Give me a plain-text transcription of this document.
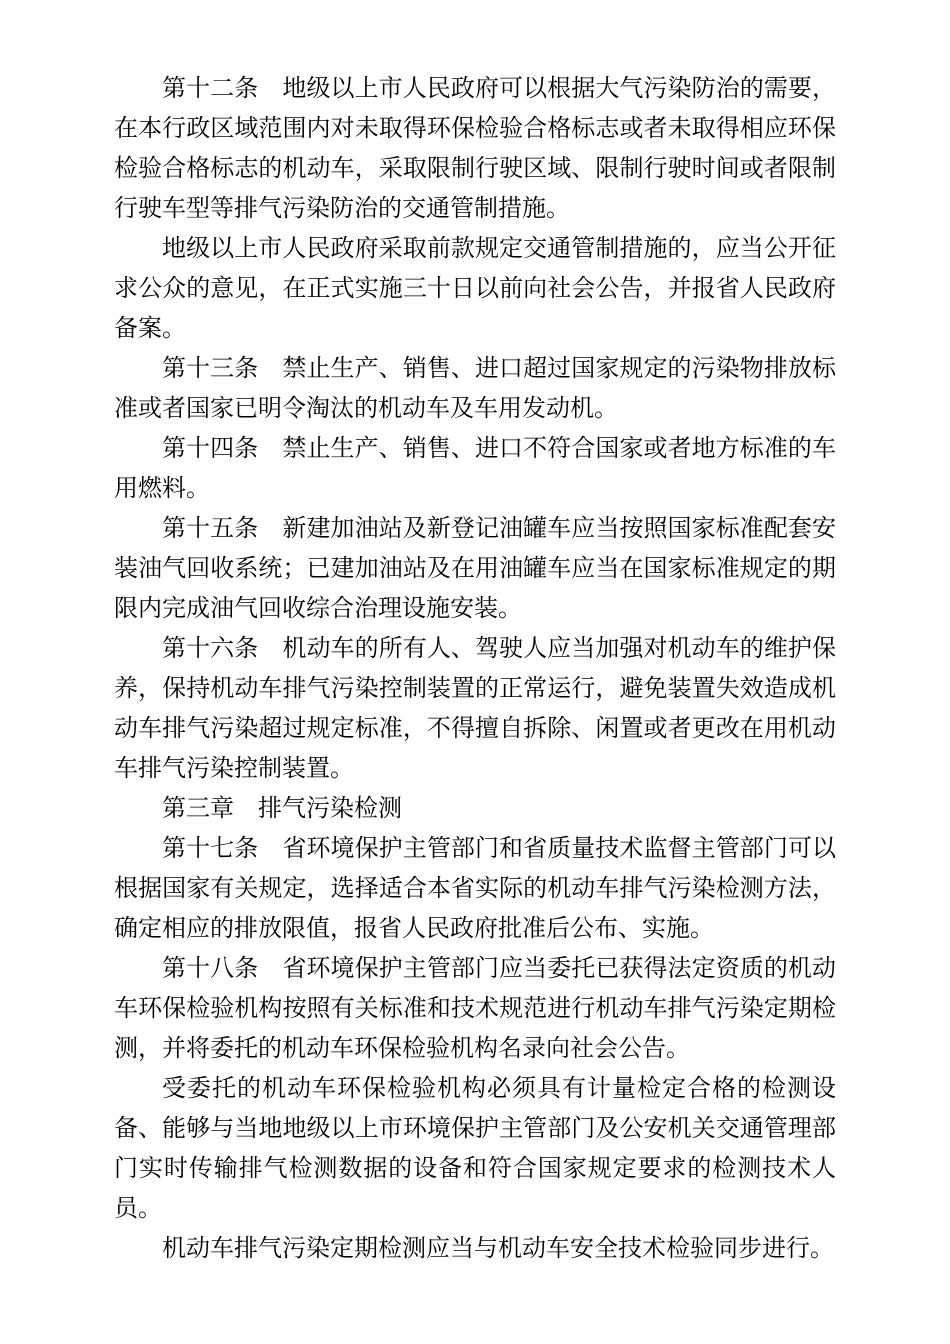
第十二条　地级以上市人民政府可以根据大气污染防治的需要，在本行政区域范围内对未取得环保检验合格标志或者未取得相应环保检验合格标志的机动车，采取限制行驶区域、限制行驶时间或者限制行驶车型等排气污染防治的交通管制措施。

地级以上市人民政府采取前款规定交通管制措施的，应当公开征求公众的意见，在正式实施三十日以前向社会公告，并报省人民政府备案。

第十三条　禁止生产、销售、进口超过国家规定的污染物排放标准或者国家已明令淘汰的机动车及车用发动机。

第十四条　禁止生产、销售、进口不符合国家或者地方标准的车用燃料。

第十五条　新建加油站及新登记油罐车应当按照国家标准配套安装油气回收系统；已建加油站及在用油罐车应当在国家标准规定的期限内完成油气回收综合治理设施安装。

第十六条　机动车的所有人、驾驶人应当加强对机动车的维护保养，保持机动车排气污染控制装置的正常运行，避免装置失效造成机动车排气污染超过规定标准，不得擅自拆除、闲置或者更改在用机动车排气污染控制装置。

第三章　排气污染检测

第十七条　省环境保护主管部门和省质量技术监督主管部门可以根据国家有关规定，选择适合本省实际的机动车排气污染检测方法，确定相应的排放限值，报省人民政府批准后公布、实施。

第十八条　省环境保护主管部门应当委托已获得法定资质的机动车环保检验机构按照有关标准和技术规范进行机动车排气污染定期检测，并将委托的机动车环保检验机构名录向社会公告。

受委托的机动车环保检验机构必须具有计量检定合格的检测设备、能够与当地地级以上市环境保护主管部门及公安机关交通管理部门实时传输排气检测数据的设备和符合国家规定要求的检测技术人员。

机动车排气污染定期检测应当与机动车安全技术检验同步进行。
